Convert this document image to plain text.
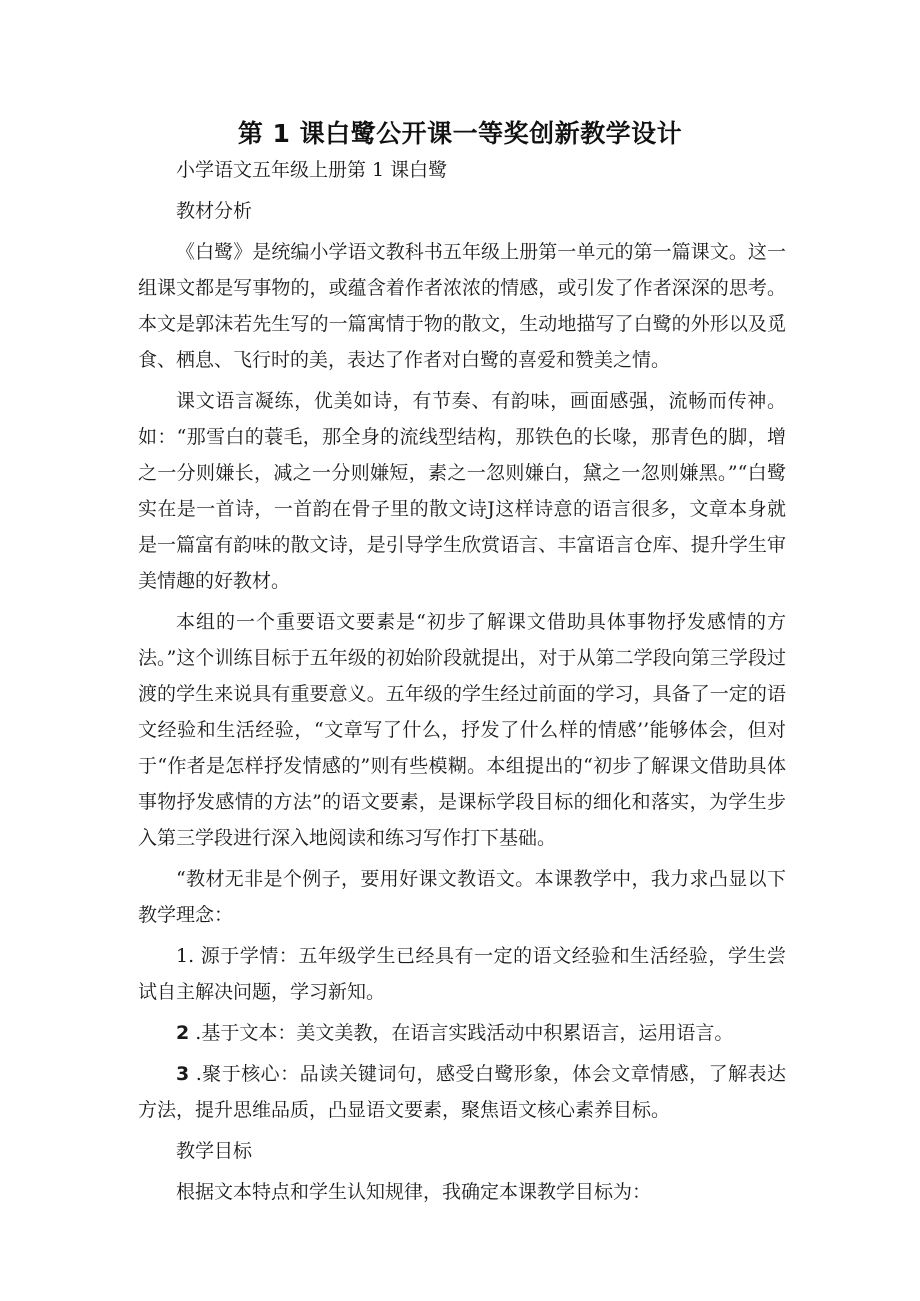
第 1 课白鹭公开课一等奖创新教学设计

小学语文五年级上册第 1 课白鹭

教材分析

《白鹭》是统编小学语文教科书五年级上册第一单元的第一篇课文。这一组课文都是写事物的，或蕴含着作者浓浓的情感，或引发了作者深深的思考。本文是郭沫若先生写的一篇寓情于物的散文，生动地描写了白鹭的外形以及觅食、栖息、飞行时的美，表达了作者对白鹭的喜爱和赞美之情。

课文语言凝练，优美如诗，有节奏、有韵味，画面感强，流畅而传神。如：“那雪白的蓑毛，那全身的流线型结构，那铁色的长喙，那青色的脚，增之一分则嫌长，减之一分则嫌短，素之一忽则嫌白，黛之一忽则嫌黑。”“白鹭实在是一首诗，一首韵在骨子里的散文诗J这样诗意的语言很多，文章本身就是一篇富有韵味的散文诗，是引导学生欣赏语言、丰富语言仓库、提升学生审美情趣的好教材。

本组的一个重要语文要素是“初步了解课文借助具体事物抒发感情的方法。”这个训练目标于五年级的初始阶段就提出，对于从第二学段向第三学段过渡的学生来说具有重要意义。五年级的学生经过前面的学习，具备了一定的语文经验和生活经验，“文章写了什么，抒发了什么样的情感’’能够体会，但对于“作者是怎样抒发情感的”则有些模糊。本组提出的“初步了解课文借助具体事物抒发感情的方法”的语文要素，是课标学段目标的细化和落实，为学生步入第三学段进行深入地阅读和练习写作打下基础。

“教材无非是个例子，要用好课文教语文。本课教学中，我力求凸显以下教学理念：

1. 源于学情：五年级学生已经具有一定的语文经验和生活经验，学生尝试自主解决问题，学习新知。

2 .基于文本：美文美教，在语言实践活动中积累语言，运用语言。

3 .聚于核心：品读关键词句，感受白鹭形象，体会文章情感，了解表达方法，提升思维品质，凸显语文要素，聚焦语文核心素养目标。

教学目标

根据文本特点和学生认知规律，我确定本课教学目标为：
